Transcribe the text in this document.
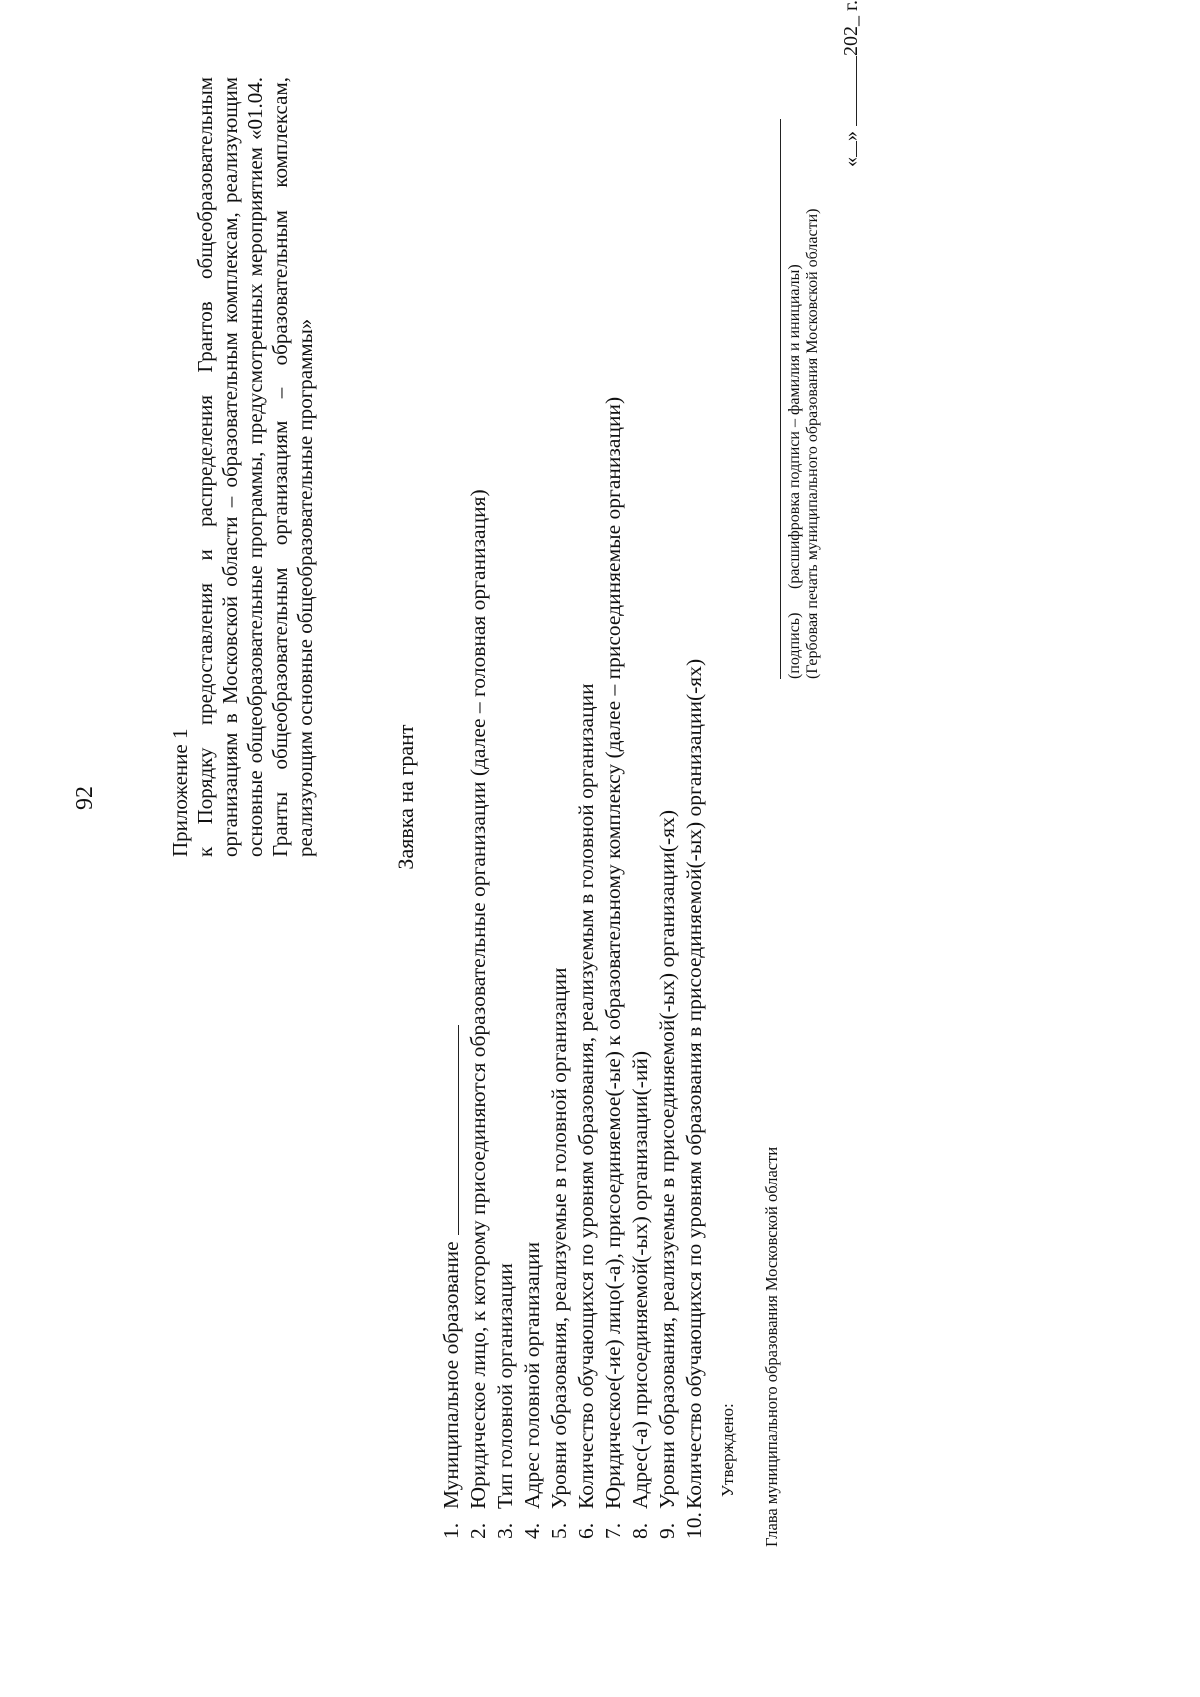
92	Приложение 1 к Порядку предоставления и распределения Грантов общеобразовательным организациям в Московской области – образовательным комплексам, реализующим основные общеобразовательные программы, предусмотренных мероприятием «01.04. Гранты общеобразовательным организациям – образовательным комплексам, реализующим основные общеобразовательные программы»	Заявка на грант
1.
Муниципальное образование
2.
Юридическое лицо, к которому присоединяются образовательные организации (далее – головная организация)
3.
Тип головной организации
4.
Адрес головной организации
5.
Уровни образования, реализуемые в головной организации
6.
Количество обучающихся по уровням образования, реализуемым в головной организации
7.
Юридическое(-ие) лицо(-а), присоединяемое(-ые) к образовательному комплексу (далее – присоединяемые организации)
8.
Адрес(-а) присоединяемой(-ых) организации(-ий)
9.
Уровни образования, реализуемые в присоединяемой(-ых) организации(-ях)
10.
Количество обучающихся по уровням образования в присоединяемой(-ых) организации(-ях) Утверждено: Глава муниципального образования Московской области
(подпись)
(расшифровка подписи – фамилия и инициалы) (Гербовая печать муниципального образования Московской области)
«» 202_ г.
